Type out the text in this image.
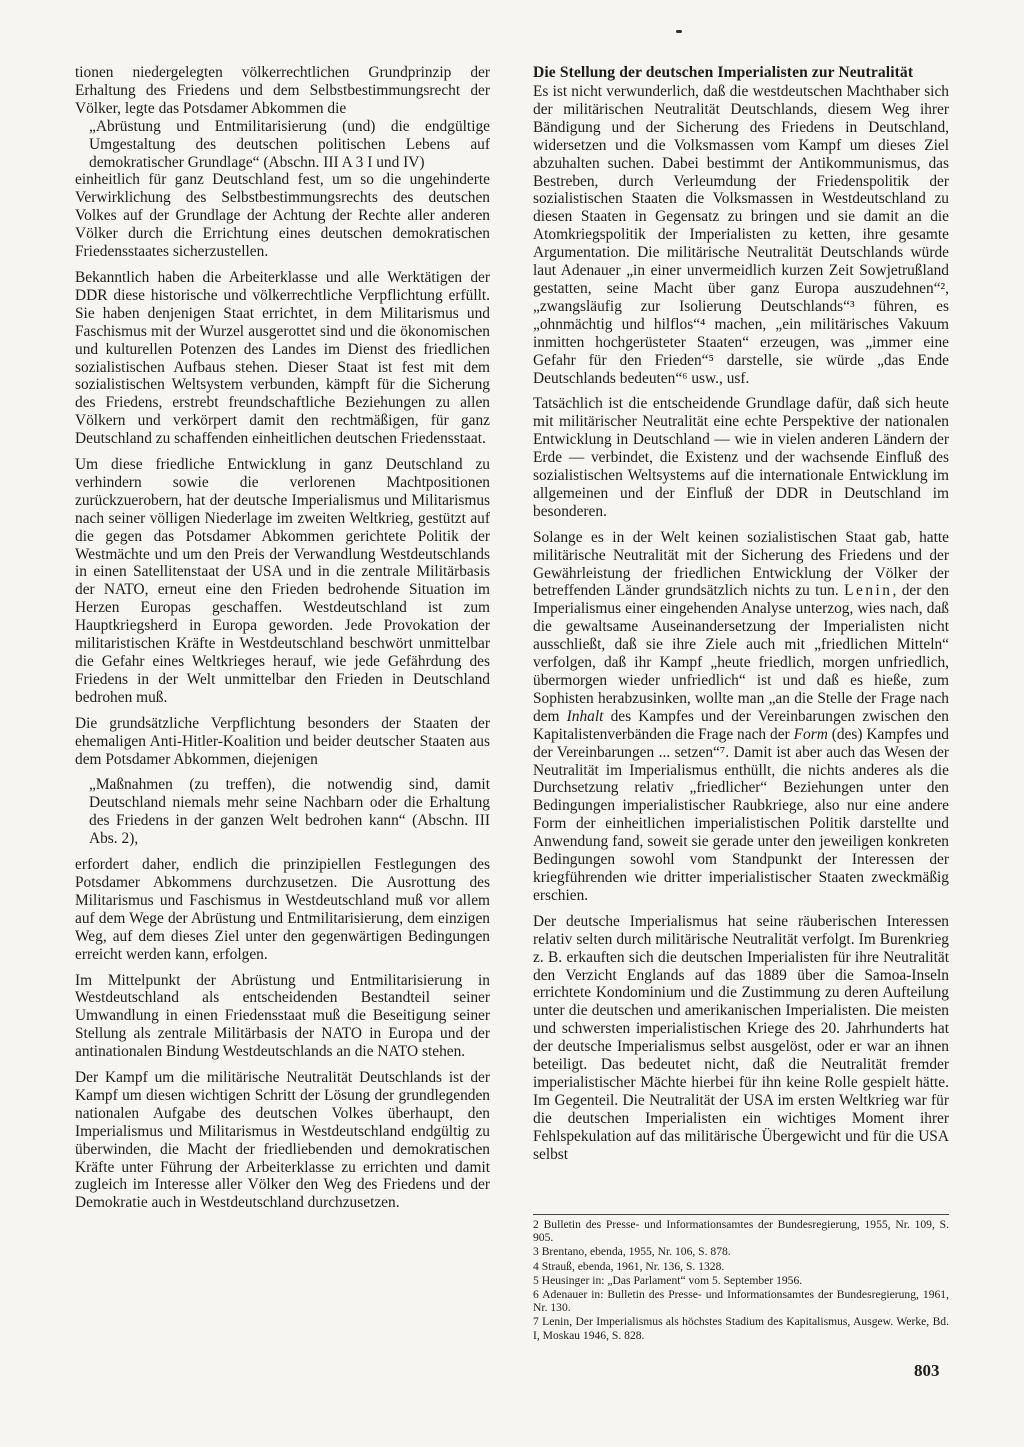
tionen niedergelegten völkerrechtlichen Grundprinzip der Erhaltung des Friedens und dem Selbstbestimmungsrecht der Völker, legte das Potsdamer Abkommen die

„Abrüstung und Entmilitarisierung (und) die endgültige Umgestaltung des deutschen politischen Lebens auf demokratischer Grundlage“ (Abschn. III A 3 I und IV)

einheitlich für ganz Deutschland fest, um so die ungehinderte Verwirklichung des Selbstbestimmungsrechts des deutschen Volkes auf der Grundlage der Achtung der Rechte aller anderen Völker durch die Errichtung eines deutschen demokratischen Friedensstaates sicherzustellen.

Bekanntlich haben die Arbeiterklasse und alle Werktätigen der DDR diese historische und völkerrechtliche Verpflichtung erfüllt. Sie haben denjenigen Staat errichtet, in dem Militarismus und Faschismus mit der Wurzel ausgerottet sind und die ökonomischen und kulturellen Potenzen des Landes im Dienst des friedlichen sozialistischen Aufbaus stehen. Dieser Staat ist fest mit dem sozialistischen Weltsystem verbunden, kämpft für die Sicherung des Friedens, erstrebt freundschaftliche Beziehungen zu allen Völkern und verkörpert damit den rechtmäßigen, für ganz Deutschland zu schaffenden einheitlichen deutschen Friedensstaat.

Um diese friedliche Entwicklung in ganz Deutschland zu verhindern sowie die verlorenen Machtpositionen zurückzuerobern, hat der deutsche Imperialismus und Militarismus nach seiner völligen Niederlage im zweiten Weltkrieg, gestützt auf die gegen das Potsdamer Abkommen gerichtete Politik der Westmächte und um den Preis der Verwandlung Westdeutschlands in einen Satellitenstaat der USA und in die zentrale Militärbasis der NATO, erneut eine den Frieden bedrohende Situation im Herzen Europas geschaffen. Westdeutschland ist zum Hauptkriegsherd in Europa geworden. Jede Provokation der militaristischen Kräfte in Westdeutschland beschwört unmittelbar die Gefahr eines Weltkrieges herauf, wie jede Gefährdung des Friedens in der Welt unmittelbar den Frieden in Deutschland bedrohen muß.

Die grundsätzliche Verpflichtung besonders der Staaten der ehemaligen Anti-Hitler-Koalition und beider deutscher Staaten aus dem Potsdamer Abkommen, diejenigen

„Maßnahmen (zu treffen), die notwendig sind, damit Deutschland niemals mehr seine Nachbarn oder die Erhaltung des Friedens in der ganzen Welt bedrohen kann“ (Abschn. III Abs. 2),

erfordert daher, endlich die prinzipiellen Festlegungen des Potsdamer Abkommens durchzusetzen. Die Ausrottung des Militarismus und Faschismus in Westdeutschland muß vor allem auf dem Wege der Abrüstung und Entmilitarisierung, dem einzigen Weg, auf dem dieses Ziel unter den gegenwärtigen Bedingungen erreicht werden kann, erfolgen.

Im Mittelpunkt der Abrüstung und Entmilitarisierung in Westdeutschland als entscheidenden Bestandteil seiner Umwandlung in einen Friedensstaat muß die Beseitigung seiner Stellung als zentrale Militärbasis der NATO in Europa und der antinationalen Bindung Westdeutschlands an die NATO stehen.

Der Kampf um die militärische Neutralität Deutschlands ist der Kampf um diesen wichtigen Schritt der Lösung der grundlegenden nationalen Aufgabe des deutschen Volkes überhaupt, den Imperialismus und Militarismus in Westdeutschland endgültig zu überwinden, die Macht der friedliebenden und demokratischen Kräfte unter Führung der Arbeiterklasse zu errichten und damit zugleich im Interesse aller Völker den Weg des Friedens und der Demokratie auch in Westdeutschland durchzusetzen.

Die Stellung der deutschen Imperialisten zur Neutralität

Es ist nicht verwunderlich, daß die westdeutschen Machthaber sich der militärischen Neutralität Deutschlands, diesem Weg ihrer Bändigung und der Sicherung des Friedens in Deutschland, widersetzen und die Volksmassen vom Kampf um dieses Ziel abzuhalten suchen. Dabei bestimmt der Antikommunismus, das Bestreben, durch Verleumdung der Friedenspolitik der sozialistischen Staaten die Volksmassen in Westdeutschland zu diesen Staaten in Gegensatz zu bringen und sie damit an die Atomkriegspolitik der Imperialisten zu ketten, ihre gesamte Argumentation. Die militärische Neutralität Deutschlands würde laut Adenauer „in einer unvermeidlich kurzen Zeit Sowjetrußland gestatten, seine Macht über ganz Europa auszudehnen“², „zwangsläufig zur Isolierung Deutschlands“³ führen, es „ohnmächtig und hilflos“⁴ machen, „ein militärisches Vakuum inmitten hochgerüsteter Staaten“ erzeugen, was „immer eine Gefahr für den Frieden“⁵ darstelle, sie würde „das Ende Deutschlands bedeuten“⁶ usw., usf.

Tatsächlich ist die entscheidende Grundlage dafür, daß sich heute mit militärischer Neutralität eine echte Perspektive der nationalen Entwicklung in Deutschland — wie in vielen anderen Ländern der Erde — verbindet, die Existenz und der wachsende Einfluß des sozialistischen Weltsystems auf die internationale Entwicklung im allgemeinen und der Einfluß der DDR in Deutschland im besonderen.

Solange es in der Welt keinen sozialistischen Staat gab, hatte militärische Neutralität mit der Sicherung des Friedens und der Gewährleistung der friedlichen Entwicklung der Völker der betreffenden Länder grundsätzlich nichts zu tun. Lenin, der den Imperialismus einer eingehenden Analyse unterzog, wies nach, daß die gewaltsame Auseinandersetzung der Imperialisten nicht ausschließt, daß sie ihre Ziele auch mit „friedlichen Mitteln“ verfolgen, daß ihr Kampf „heute friedlich, morgen unfriedlich, übermorgen wieder unfriedlich“ ist und daß es hieße, zum Sophisten herabzusinken, wollte man „an die Stelle der Frage nach dem Inhalt des Kampfes und der Vereinbarungen zwischen den Kapitalistenverbänden die Frage nach der Form (des) Kampfes und der Vereinbarungen ... setzen“⁷. Damit ist aber auch das Wesen der Neutralität im Imperialismus enthüllt, die nichts anderes als die Durchsetzung relativ „friedlicher“ Beziehungen unter den Bedingungen imperialistischer Raubkriege, also nur eine andere Form der einheitlichen imperialistischen Politik darstellte und Anwendung fand, soweit sie gerade unter den jeweiligen konkreten Bedingungen sowohl vom Standpunkt der Interessen der kriegführenden wie dritter imperialistischer Staaten zweckmäßig erschien.

Der deutsche Imperialismus hat seine räuberischen Interessen relativ selten durch militärische Neutralität verfolgt. Im Burenkrieg z. B. erkauften sich die deutschen Imperialisten für ihre Neutralität den Verzicht Englands auf das 1889 über die Samoa-Inseln errichtete Kondominium und die Zustimmung zu deren Aufteilung unter die deutschen und amerikanischen Imperialisten. Die meisten und schwersten imperialistischen Kriege des 20. Jahrhunderts hat der deutsche Imperialismus selbst ausgelöst, oder er war an ihnen beteiligt. Das bedeutet nicht, daß die Neutralität fremder imperialistischer Mächte hierbei für ihn keine Rolle gespielt hätte. Im Gegenteil. Die Neutralität der USA im ersten Weltkrieg war für die deutschen Imperialisten ein wichtiges Moment ihrer Fehlspekulation auf das militärische Übergewicht und für die USA selbst

2 Bulletin des Presse- und Informationsamtes der Bundesregierung, 1955, Nr. 109, S. 905.
3 Brentano, ebenda, 1955, Nr. 106, S. 878.
4 Strauß, ebenda, 1961, Nr. 136, S. 1328.
5 Heusinger in: „Das Parlament“ vom 5. September 1956.
6 Adenauer in: Bulletin des Presse- und Informationsamtes der Bundesregierung, 1961, Nr. 130.
7 Lenin, Der Imperialismus als höchstes Stadium des Kapitalismus, Ausgew. Werke, Bd. I, Moskau 1946, S. 828.
803
